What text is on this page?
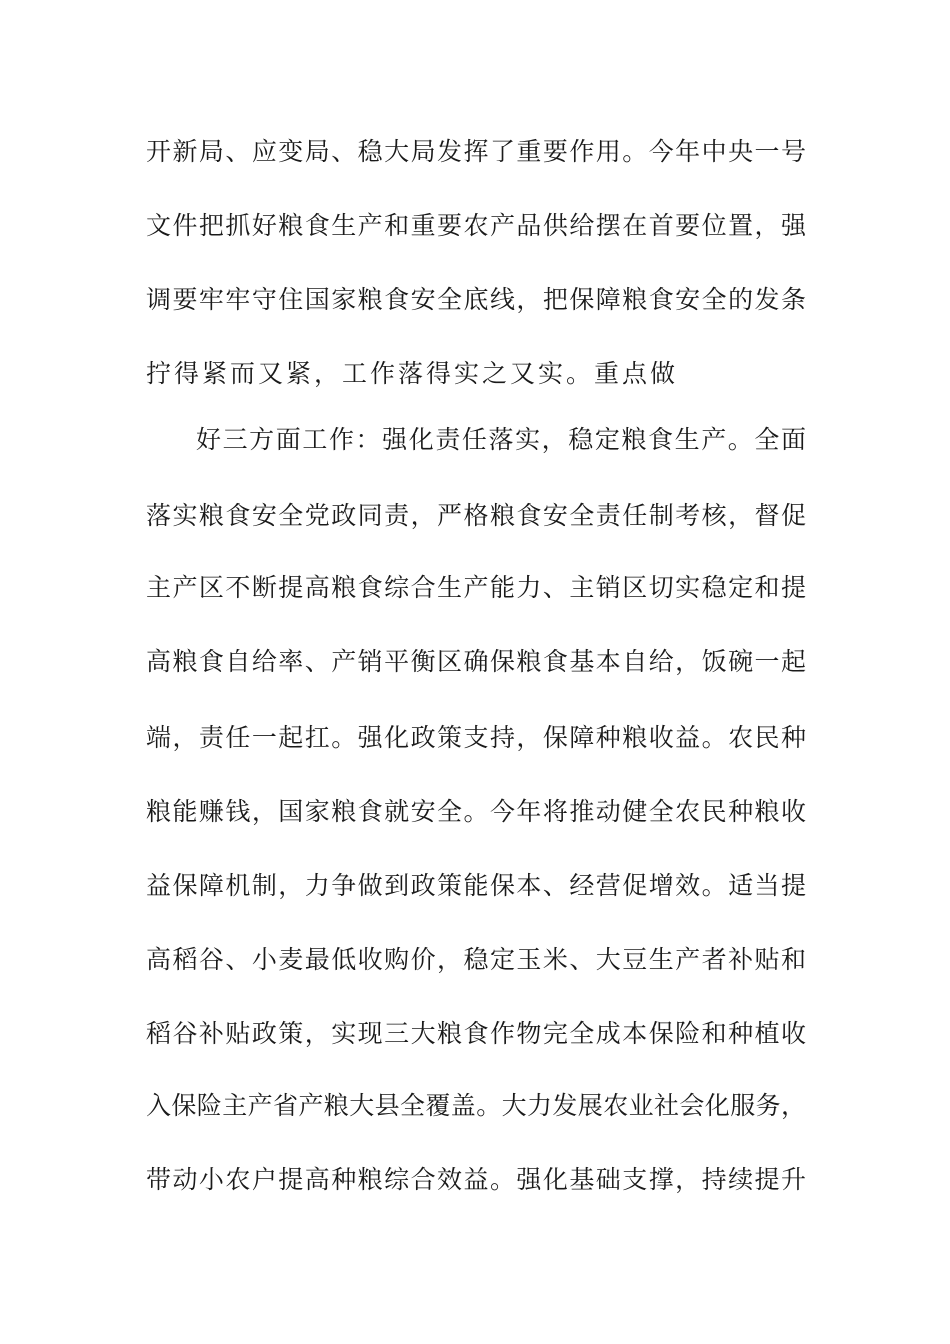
开新局、应变局、稳大局发挥了重要作用。今年中央一号
文件把抓好粮食生产和重要农产品供给摆在首要位置，强
调要牢牢守住国家粮食安全底线，把保障粮食安全的发条
拧得紧而又紧，工作落得实之又实。重点做
好三方面工作：强化责任落实，稳定粮食生产。全面
落实粮食安全党政同责，严格粮食安全责任制考核，督促
主产区不断提高粮食综合生产能力、主销区切实稳定和提
高粮食自给率、产销平衡区确保粮食基本自给，饭碗一起
端，责任一起扛。强化政策支持，保障种粮收益。农民种
粮能赚钱，国家粮食就安全。今年将推动健全农民种粮收
益保障机制，力争做到政策能保本、经营促增效。适当提
高稻谷、小麦最低收购价，稳定玉米、大豆生产者补贴和
稻谷补贴政策，实现三大粮食作物完全成本保险和种植收
入保险主产省产粮大县全覆盖。大力发展农业社会化服务，
带动小农户提高种粮综合效益。强化基础支撑，持续提升
